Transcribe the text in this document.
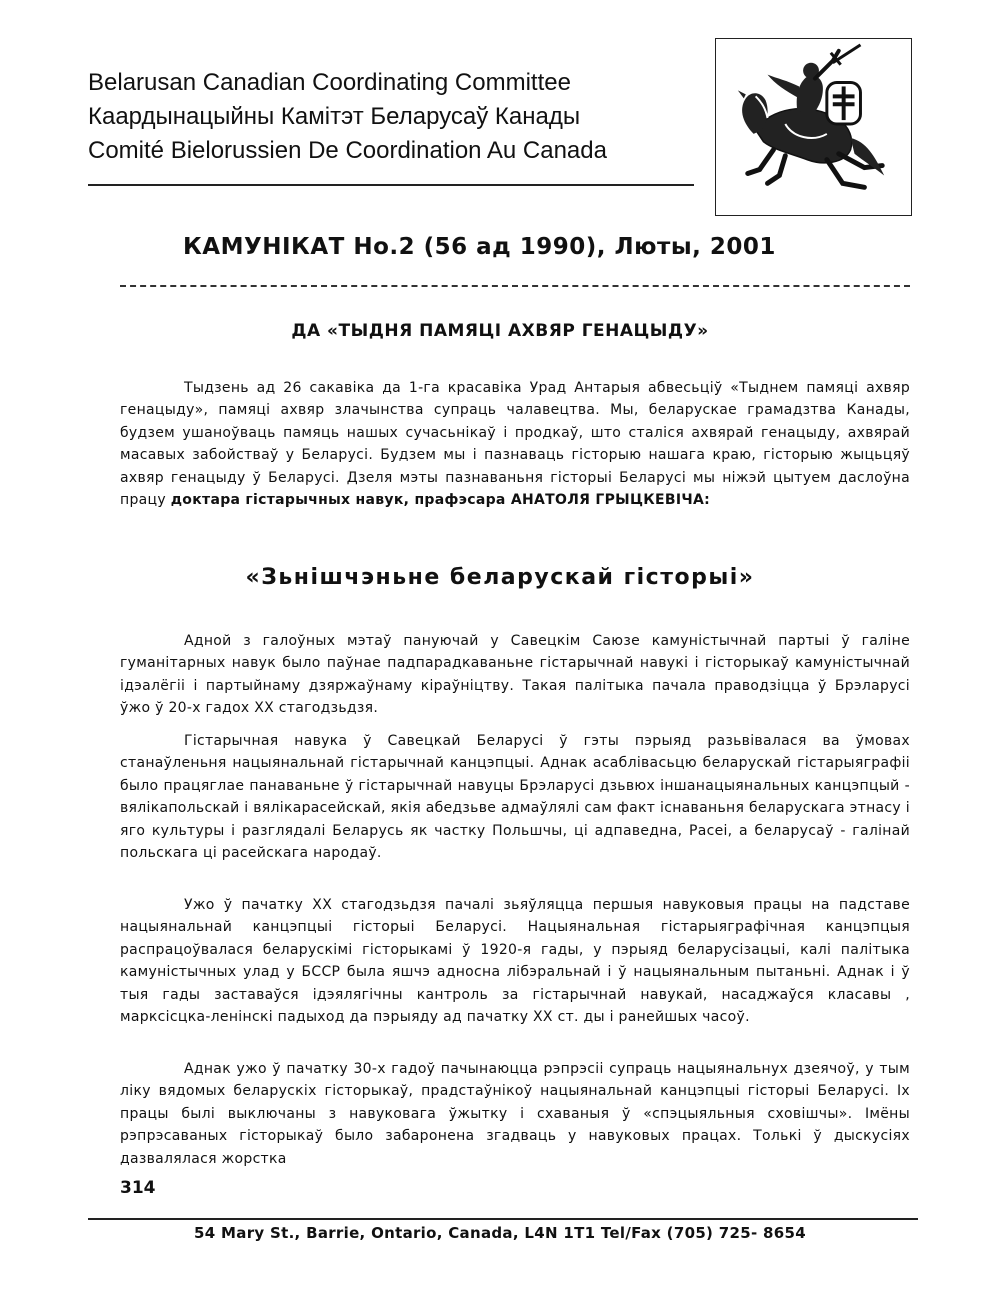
Belarusan Canadian Coordinating Committee
Каардынацыйны Камітэт Беларусаў Канады
Comité Bielorussien De Coordination Au Canada
КАМУНІКАТ Но.2 (56 ад 1990), Люты, 2001
ДА «ТЫДНЯ ПАМЯЦІ АХВЯР ГЕНАЦЫДУ»
Тыдзень ад 26 сакавіка да 1-га красавіка Урад Антарыя абвесьціў «Тыднем памяці ахвяр генацыду», памяці ахвяр злачынства супраць чалавецтва. Мы, беларускае грамадзтва Канады, будзем ушаноўваць памяць нашых сучасьнікаў і продкаў, што сталіся ахвярай генацыду, ахвярай масавых забойстваў у Беларусі. Будзем мы і пазнаваць гісторыю нашага краю, гісторыю жыцьцяў ахвяр генацыду ў Беларусі. Дзеля мэты пазнаваньня гісторыі Беларусі мы ніжэй цытуем даслоўна працу доктара гістарычных навук, прафэсара АНАТОЛЯ ГРЫЦКЕВІЧА:
«Зьнішчэньне беларускай гісторыі»
Адной з галоўных мэтаў пануючай у Савецкім Саюзе камуністычнай партыі ў галіне гуманітарных навук было паўнае падпарадкаваньне гістарычнай навукі і гісторыкаў камуністычнай ідэалёгіі і партыйнаму дзяржаўнаму кіраўніцтву. Такая палітыка пачала праводзіцца ў Брэларусі ўжо ў 20-х гадох XX стагодзьдзя.
Гістарычная навука ў Савецкай Беларусі ў гэты пэрыяд разьвівалася ва ўмовах станаўленьня нацыянальнай гістарычнай канцэпцыі. Аднак асаблівасьцю беларускай гістарыяграфіі было працяглае панаваньне ў гістарычнай навуцы Брэларусі дзьвюх іншанацыянальных канцэпцый - вялікапольскай і вялікарасейскай, якія абедзьве адмаўлялі сам факт існаваньня беларускага этнасу і яго культуры і разглядалі Беларусь як частку Польшчы, ці адпаведна, Расеі, а беларусаў - галінай польскага ці расейскага народаў.
Ужо ў пачатку XX стагодзьдзя пачалі зьяўляцца першыя навуковыя працы на падставе нацыянальнай канцэпцыі гісторыі Беларусі. Нацыянальная гістарыяграфічная канцэпцыя распрацоўвалася беларускімі гісторыкамі ў 1920-я гады, у пэрыяд беларусізацыі, калі палітыка камуністычных улад у БССР была яшчэ адносна лібэральнай і ў нацыянальным пытаньні. Аднак і ў тыя гады заставаўся ідэялягічны кантроль за гістарычнай навукай, насаджаўся класавы , марксісцка-ленінскі падыход да пэрыяду ад пачатку XX ст. ды і ранейшых часоў.
Аднак ужо ў пачатку 30-х гадоў пачынаюцца рэпрэсіі супраць нацыянальнух дзеячоў, у тым ліку вядомых беларускіх гісторыкаў, прадстаўнікоў нацыянальнай канцэпцыі гісторыі Беларусі. Іх працы былі выключаны з навуковага ўжытку і схаваныя ў «спэцыяльныя сховішчы». Імёны рэпрэсаваных гісторыкаў было забаронена згадваць у навуковых працах. Толькі ў дыскусіях дазвалялася жорстка
314
54 Mary St., Barrie, Ontario, Canada, L4N 1T1 Tel/Fax (705) 725- 8654
